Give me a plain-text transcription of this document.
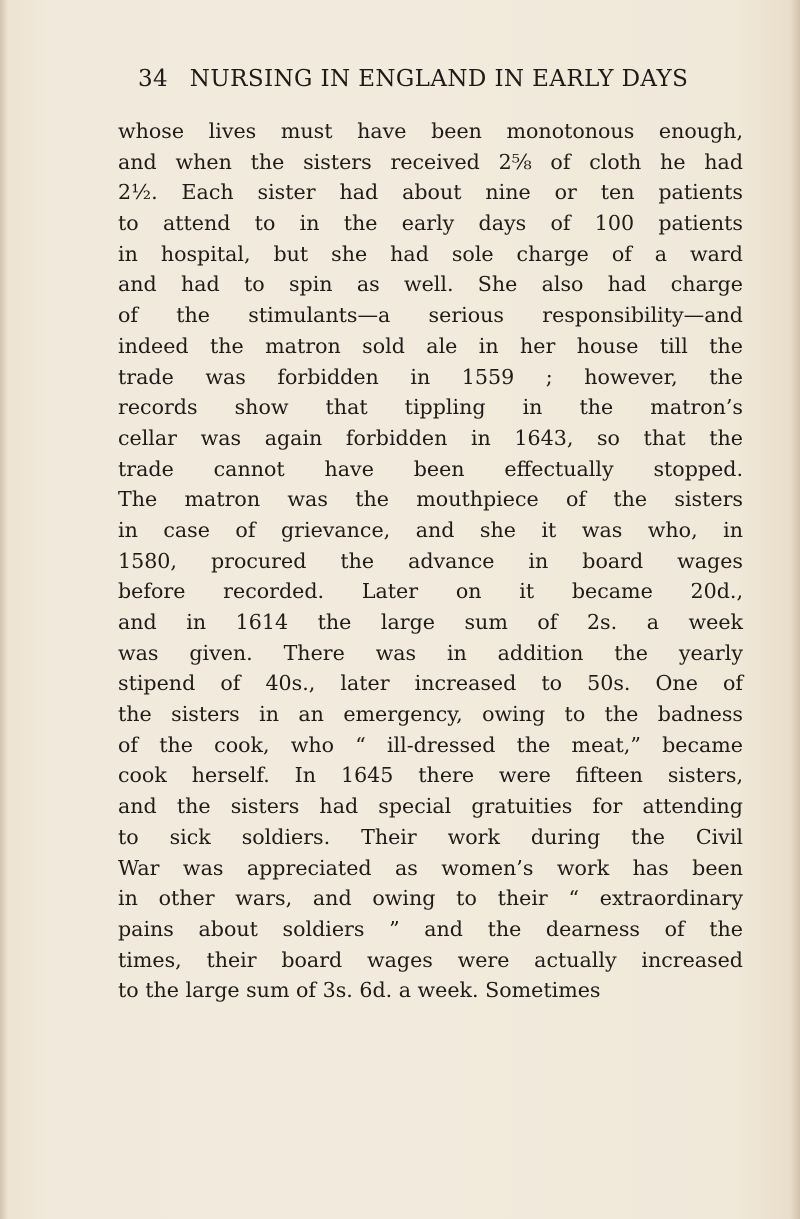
34 NURSING IN ENGLAND IN EARLY DAYS
whose lives must have been monotonous enough,
and when the sisters received 2⅝ of cloth he had
2½. Each sister had about nine or ten patients
to attend to in the early days of 100 patients
in hospital, but she had sole charge of a ward
and had to spin as well. She also had charge
of the stimulants—a serious responsibility—and
indeed the matron sold ale in her house till the
trade was forbidden in 1559 ; however, the
records show that tippling in the matron’s
cellar was again forbidden in 1643, so that the
trade cannot have been effectually stopped.
The matron was the mouthpiece of the sisters
in case of grievance, and she it was who, in
1580, procured the advance in board wages
before recorded. Later on it became 20d.,
and in 1614 the large sum of 2s. a week
was given. There was in addition the yearly
stipend of 40s., later increased to 50s. One of
the sisters in an emergency, owing to the badness
of the cook, who “ ill-dressed the meat,” became
cook herself. In 1645 there were fifteen sisters,
and the sisters had special gratuities for attending
to sick soldiers. Their work during the Civil
War was appreciated as women’s work has been
in other wars, and owing to their “ extraordinary
pains about soldiers ” and the dearness of the
times, their board wages were actually increased
to the large sum of 3s. 6d. a week. Sometimes
